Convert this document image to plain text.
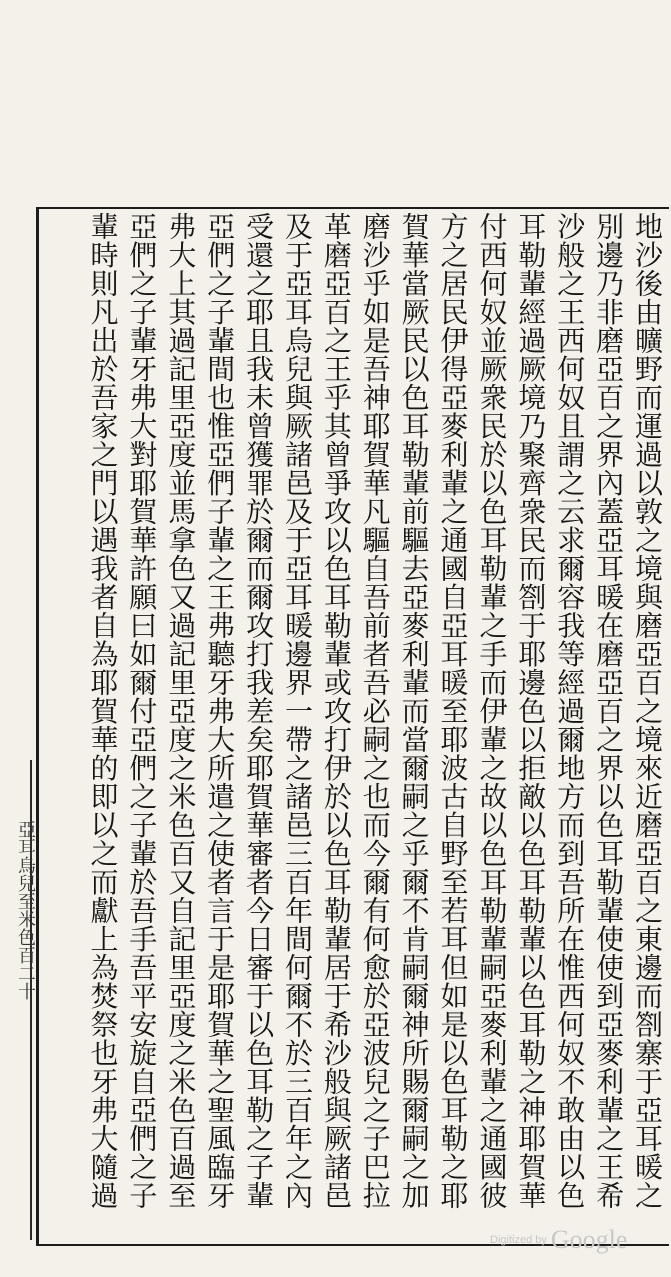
地沙後由曠野而運過以敦之境與磨亞百之境來近磨亞百之東邊而劄寨于亞耳暖之
別邊乃非磨亞百之界內蓋亞耳暖在磨亞百之界以色耳勒輩使使到亞麥利輩之王希
沙般之王西何奴且謂之云求爾容我等經過爾地方而到吾所在惟西何奴不敢由以色
耳勒輩經過厥境乃聚齊衆民而劄于耶邊色以拒敵以色耳勒輩以色耳勒之神耶賀華
付西何奴並厥衆民於以色耳勒輩之手而伊輩之故以色耳勒輩嗣亞麥利輩之通國彼
方之居民伊得亞麥利輩之通國自亞耳暖至耶波古自野至若耳但如是以色耳勒之耶
賀華當厥民以色耳勒輩前驅去亞麥利輩而當爾嗣之乎爾不肯嗣爾神所賜爾嗣之加
磨沙乎如是吾神耶賀華凡驅自吾前者吾必嗣之也而今爾有何愈於亞波兒之子巴拉
革磨亞百之王乎其曾爭攻以色耳勒輩或攻打伊於以色耳勒輩居于希沙般與厥諸邑
及于亞耳烏兒與厥諸邑及于亞耳暖邊界一帶之諸邑三百年間何爾不於三百年之內
受還之耶且我未曾獲罪於爾而爾攻打我差矣耶賀華審者今日審于以色耳勒之子輩
亞們之子輩間也惟亞們子輩之王弗聽牙弗大所遣之使者言于是耶賀華之聖風臨牙
弗大上其過記里亞度並馬拿色又過記里亞度之米色百又自記里亞度之米色百過至
亞們之子輩牙弗大對耶賀華許願曰如爾付亞們之子輩於吾手吾平安旋自亞們之子
輩時則凡出於吾家之門以遇我者自為耶賀華的即以之而獻上為焚祭也牙弗大隨過
亞耳烏兒至米色百二十
Digitized by Google
